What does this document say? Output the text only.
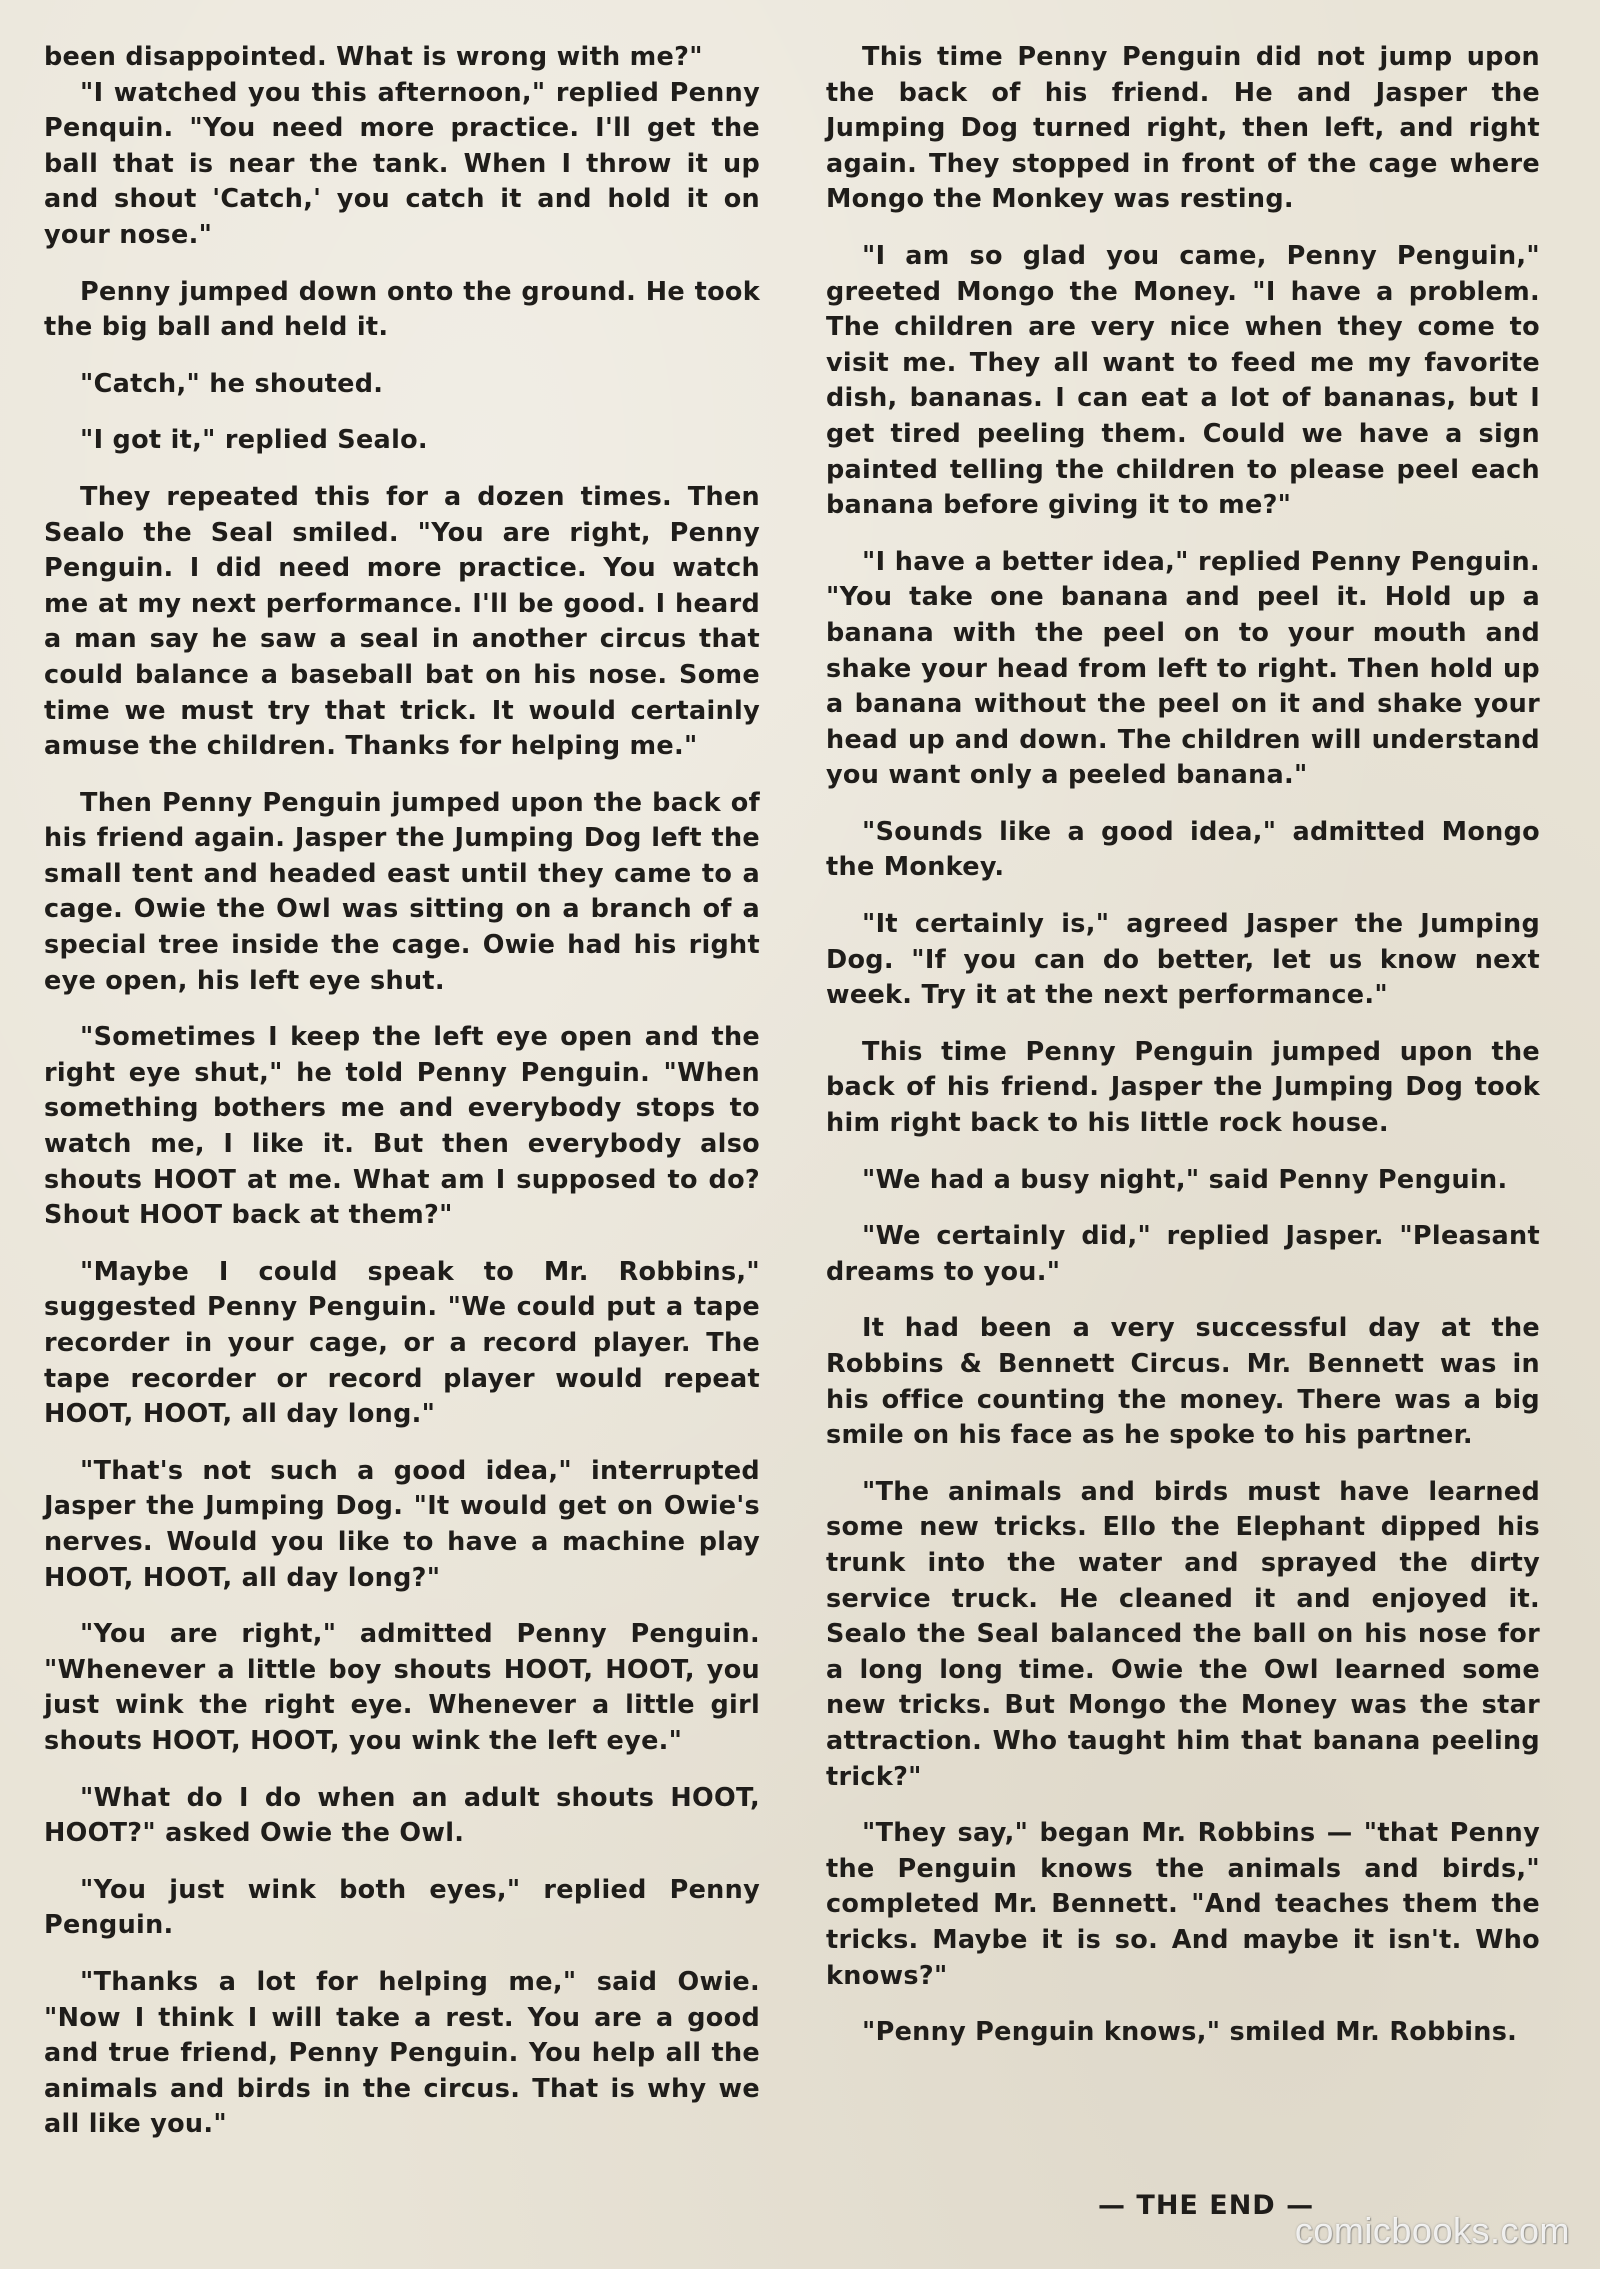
been disappointed. What is wrong with me?"

"I watched you this afternoon," replied Penny Penquin. "You need more practice. I'll get the ball that is near the tank. When I throw it up and shout 'Catch,' you catch it and hold it on your nose."

Penny jumped down onto the ground. He took the big ball and held it.

"Catch," he shouted.

"I got it," replied Sealo.

They repeated this for a dozen times. Then Sealo the Seal smiled. "You are right, Penny Penguin. I did need more practice. You watch me at my next performance. I'll be good. I heard a man say he saw a seal in another circus that could balance a baseball bat on his nose. Some time we must try that trick. It would certainly amuse the children. Thanks for helping me."

Then Penny Penguin jumped upon the back of his friend again. Jasper the Jumping Dog left the small tent and headed east until they came to a cage. Owie the Owl was sitting on a branch of a special tree inside the cage. Owie had his right eye open, his left eye shut.

"Sometimes I keep the left eye open and the right eye shut," he told Penny Penguin. "When something bothers me and everybody stops to watch me, I like it. But then everybody also shouts HOOT at me. What am I supposed to do? Shout HOOT back at them?"

"Maybe I could speak to Mr. Robbins," suggested Penny Penguin. "We could put a tape recorder in your cage, or a record player. The tape recorder or record player would repeat HOOT, HOOT, all day long."

"That's not such a good idea," interrupted Jasper the Jumping Dog. "It would get on Owie's nerves. Would you like to have a machine play HOOT, HOOT, all day long?"

"You are right," admitted Penny Penguin. "Whenever a little boy shouts HOOT, HOOT, you just wink the right eye. Whenever a little girl shouts HOOT, HOOT, you wink the left eye."

"What do I do when an adult shouts HOOT, HOOT?" asked Owie the Owl.

"You just wink both eyes," replied Penny Penguin.

"Thanks a lot for helping me," said Owie. "Now I think I will take a rest. You are a good and true friend, Penny Penguin. You help all the animals and birds in the circus. That is why we all like you."

This time Penny Penguin did not jump upon the back of his friend. He and Jasper the Jumping Dog turned right, then left, and right again. They stopped in front of the cage where Mongo the Monkey was resting.

"I am so glad you came, Penny Penguin," greeted Mongo the Money. "I have a problem. The children are very nice when they come to visit me. They all want to feed me my favorite dish, bananas. I can eat a lot of bananas, but I get tired peeling them. Could we have a sign painted telling the children to please peel each banana before giving it to me?"

"I have a better idea," replied Penny Penguin. "You take one banana and peel it. Hold up a banana with the peel on to your mouth and shake your head from left to right. Then hold up a banana without the peel on it and shake your head up and down. The children will understand you want only a peeled banana."

"Sounds like a good idea," admitted Mongo the Monkey.

"It certainly is," agreed Jasper the Jumping Dog. "If you can do better, let us know next week. Try it at the next performance."

This time Penny Penguin jumped upon the back of his friend. Jasper the Jumping Dog took him right back to his little rock house.

"We had a busy night," said Penny Penguin.

"We certainly did," replied Jasper. "Pleasant dreams to you."

It had been a very successful day at the Robbins & Bennett Circus. Mr. Bennett was in his office counting the money. There was a big smile on his face as he spoke to his partner.

"The animals and birds must have learned some new tricks. Ello the Elephant dipped his trunk into the water and sprayed the dirty service truck. He cleaned it and enjoyed it. Sealo the Seal balanced the ball on his nose for a long long time. Owie the Owl learned some new tricks. But Mongo the Money was the star attraction. Who taught him that banana peeling trick?"

"They say," began Mr. Robbins — "that Penny the Penguin knows the animals and birds," completed Mr. Bennett. "And teaches them the tricks. Maybe it is so. And maybe it isn't. Who knows?"

"Penny Penguin knows," smiled Mr. Robbins.

— THE END —
comicbooks.com
